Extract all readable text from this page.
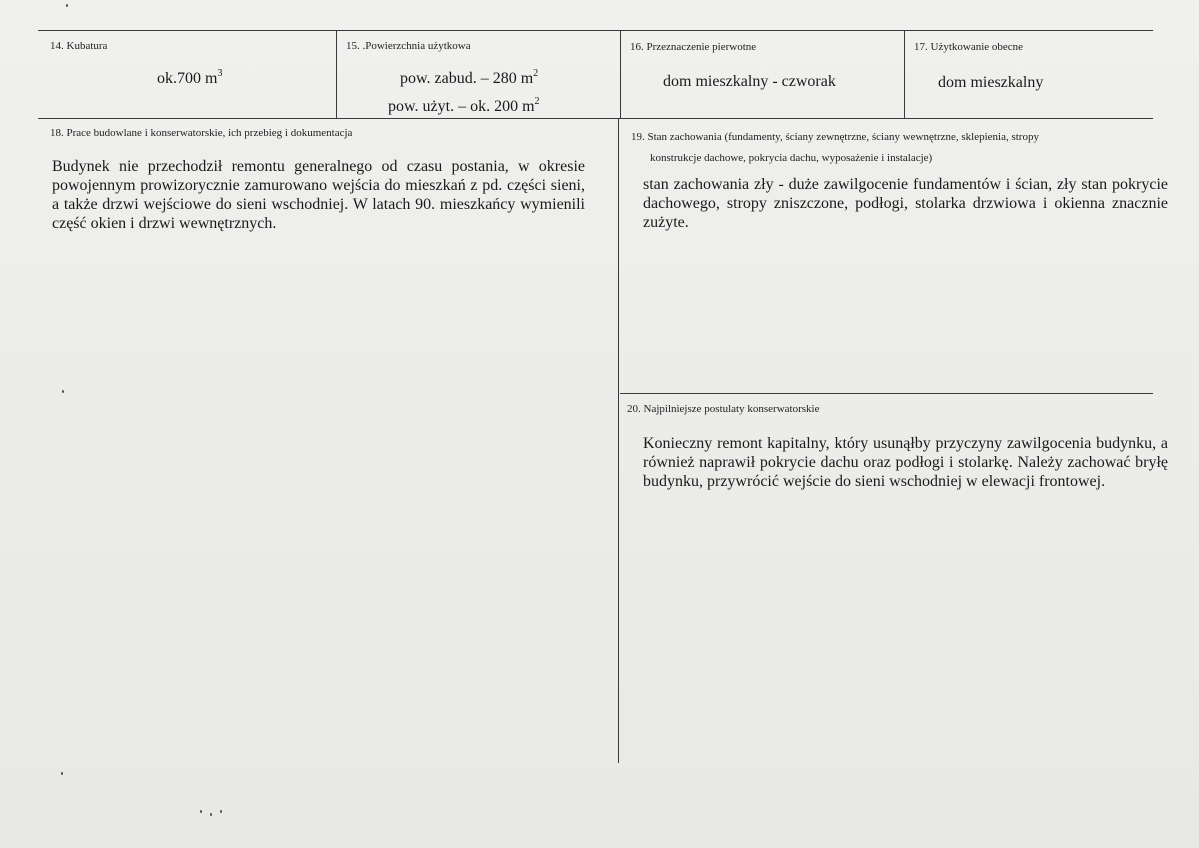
14. Kubatura
ok.700 $m^3$
15. .Powierzchnia użytkowa
pow. zabud. – 280 $m^2$
pow. użyt. – ok. 200 $m^2$
16. Przeznaczenie pierwotne
dom mieszkalny - czworak
17. Użytkowanie obecne
dom mieszkalny
18. Prace budowlane i konserwatorskie, ich przebieg i dokumentacja
Budynek nie przechodził remontu generalnego od czasu postania, w okresie powojennym prowizorycznie zamurowano wejścia do mieszkań z pd. części sieni, a także drzwi wejściowe do sieni wschodniej. W latach 90. mieszkańcy wymienili część okien i drzwi wewnętrznych.
19. Stan zachowania (fundamenty, ściany zewnętrzne, ściany wewnętrzne, sklepienia, stropy
konstrukcje dachowe, pokrycia dachu, wyposażenie i instalacje)
stan zachowania zły - duże zawilgocenie fundamentów i ścian, zły stan pokrycie dachowego, stropy zniszczone, podłogi, stolarka drzwiowa i okienna znacznie zużyte.
20. Najpilniejsze postulaty konserwatorskie
Konieczny remont kapitalny, który usunąłby przyczyny zawilgocenia budynku, a również naprawił pokrycie dachu oraz podłogi i stolarkę. Należy zachować bryłę budynku, przywrócić wejście do sieni wschodniej w elewacji frontowej.
